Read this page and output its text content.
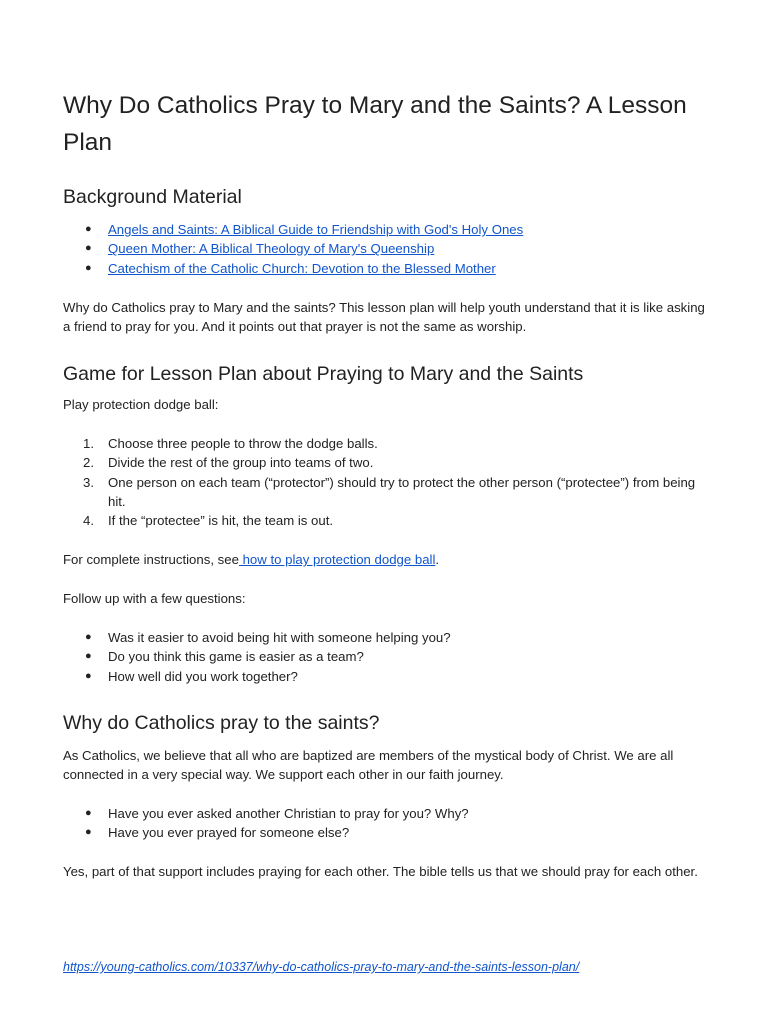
Why Do Catholics Pray to Mary and the Saints? A Lesson Plan
Background Material
● Angels and Saints: A Biblical Guide to Friendship with God's Holy Ones
● Queen Mother: A Biblical Theology of Mary's Queenship
● Catechism of the Catholic Church: Devotion to the Blessed Mother

Why do Catholics pray to Mary and the saints? This lesson plan will help youth understand that it is like asking a friend to pray for you. And it points out that prayer is not the same as worship.

Game for Lesson Plan about Praying to Mary and the Saints

Play protection dodge ball:

1.	Choose three people to throw the dodge balls.
2.	Divide the rest of the group into teams of two.
3.	One person on each team (“protector”) should try to protect the other person (“protectee”) from being hit.
4.	If the “protectee” is hit, the team is out.

For complete instructions, see how to play protection dodge ball.

Follow up with a few questions:

● Was it easier to avoid being hit with someone helping you?
● Do you think this game is easier as a team?
● How well did you work together?
Why do Catholics pray to the saints?

As Catholics, we believe that all who are baptized are members of the mystical body of Christ. We are all connected in a very special way. We support each other in our faith journey.

● Have you ever asked another Christian to pray for you? Why?
● Have you ever prayed for someone else?

Yes, part of that support includes praying for each other. The bible tells us that we should pray for each other.

https://young-catholics.com/10337/why-do-catholics-pray-to-mary-and-the-saints-lesson-plan/
